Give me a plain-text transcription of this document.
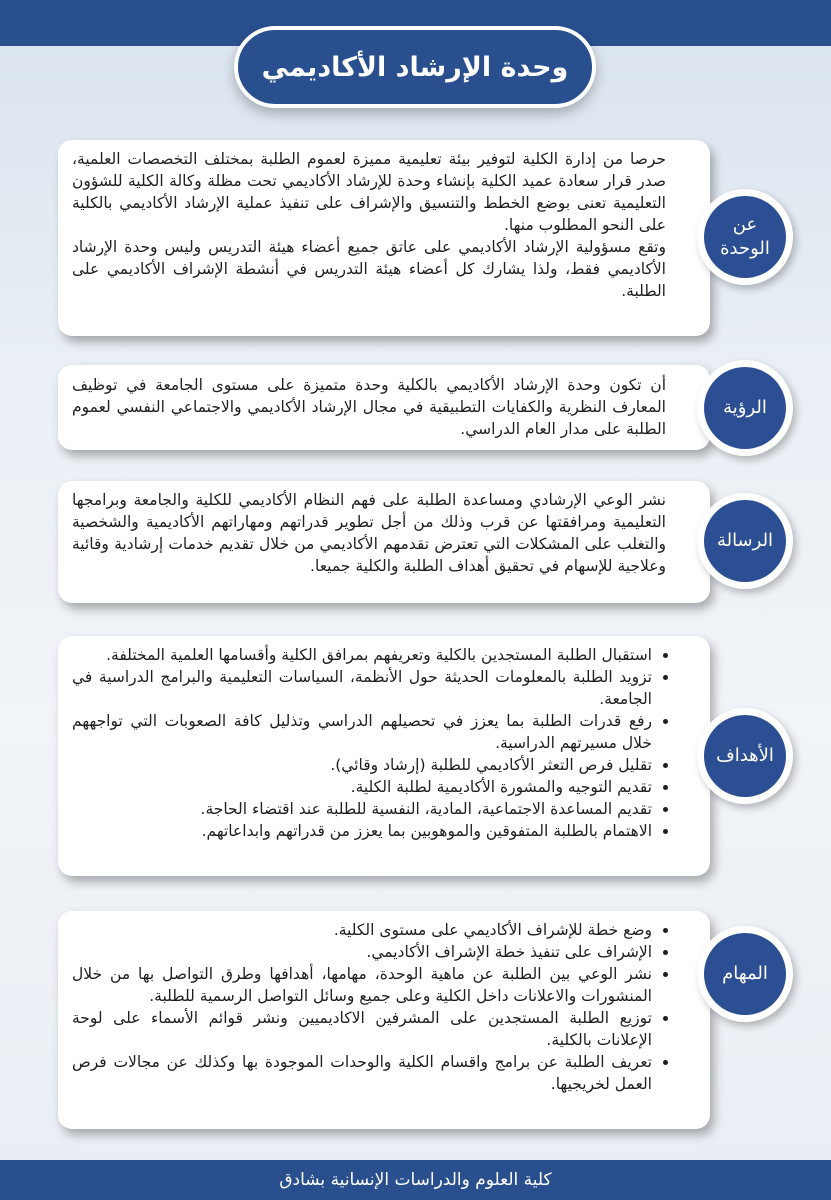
وحدة الإرشاد الأكاديمي

حرصا من إدارة الكلية لتوفير بيئة تعليمية مميزة لعموم الطلبة بمختلف التخصصات العلمية، صدر قرار سعادة عميد الكلية بإنشاء وحدة للإرشاد الأكاديمي تحت مظلة وكالة الكلية للشؤون التعليمية تعنى بوضع الخطط والتنسيق والإشراف على تنفيذ عملية الإرشاد الأكاديمي بالكلية على النحو المطلوب منها.

وتقع مسؤولية الإرشاد الأكاديمي على عاتق جميع أعضاء هيئة التدريس وليس وحدة الإرشاد الأكاديمي فقط، ولذا يشارك كل أعضاء هيئة التدريس في أنشطة الإشراف الأكاديمي على الطلبة.

عن
الوحدة

أن تكون وحدة الإرشاد الأكاديمي بالكلية وحدة متميزة على مستوى الجامعة في توظيف المعارف النظرية والكفايات التطبيقية في مجال الإرشاد الأكاديمي والاجتماعي النفسي لعموم الطلبة على مدار العام الدراسي.

الرؤية

نشر الوعي الإرشادي ومساعدة الطلبة على فهم النظام الأكاديمي للكلية والجامعة وبرامجها التعليمية ومرافقتها عن قرب وذلك من أجل تطوير قدراتهم ومهاراتهم الأكاديمية والشخصية والتغلب على المشكلات التي تعترض تقدمهم الأكاديمي من خلال تقديم خدمات إرشادية وقائية وعلاجية للإسهام في تحقيق أهداف الطلبة والكلية جميعا.

الرسالة
• استقبال الطلبة المستجدين بالكلية وتعريفهم بمرافق الكلية وأقسامها العلمية المختلفة.
• تزويد الطلبة بالمعلومات الحديثة حول الأنظمة، السياسات التعليمية والبرامج الدراسية في الجامعة.
• رفع قدرات الطلبة بما يعزز في تحصيلهم الدراسي وتذليل كافة الصعوبات التي تواجههم خلال مسيرتهم الدراسية.
• تقليل فرص التعثر الأكاديمي للطلبة (إرشاد وقائي).
• تقديم التوجيه والمشورة الأكاديمية لطلبة الكلية.
• تقديم المساعدة الاجتماعية، المادية، النفسية للطلبة عند اقتضاء الحاجة.
• الاهتمام بالطلبة المتفوقين والموهوبين بما يعزز من قدراتهم وابداعاتهم.
الأهداف
• وضع خطة للإشراف الأكاديمي على مستوى الكلية.
• الإشراف على تنفيذ خطة الإشراف الأكاديمي.
• نشر الوعي بين الطلبة عن ماهية الوحدة، مهامها، أهدافها وطرق التواصل بها من خلال المنشورات والاعلانات داخل الكلية وعلى جميع وسائل التواصل الرسمية للطلبة.
• توزيع الطلبة المستجدين على المشرفين الاكاديميين ونشر قوائم الأسماء على لوحة الإعلانات بالكلية.
• تعريف الطلبة عن برامج واقسام الكلية والوحدات الموجودة بها وكذلك عن مجالات فرص العمل لخريجيها.
المهام
كلية العلوم والدراسات الإنسانية بشادق
